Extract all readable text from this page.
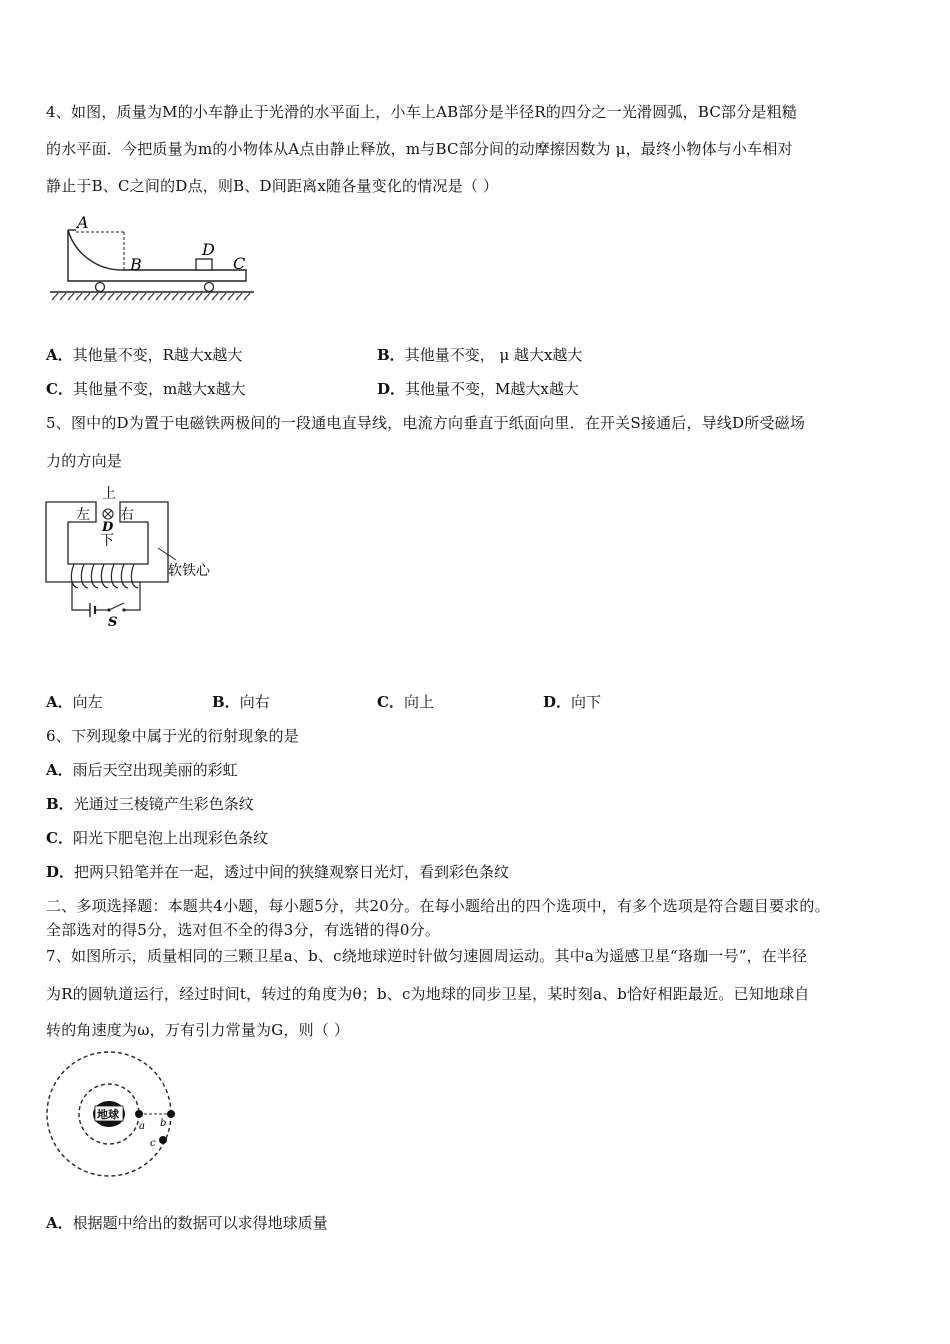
4、如图，质量为M的小车静止于光滑的水平面上，小车上AB部分是半径R的四分之一光滑圆弧，BC部分是粗糙
的水平面．今把质量为m的小物体从A点由静止释放，m与BC部分间的动摩擦因数为 μ，最终小物体与小车相对
静止于B、C之间的D点，则B、D间距离x随各量变化的情况是（ ）
A
B
D
C
A．其他量不变，R越大x越大	B．其他量不变， μ 越大x越大
C．其他量不变，m越大x越大	D．其他量不变，M越大x越大
5、图中的D为置于电磁铁两极间的一段通电直导线，电流方向垂直于纸面向里．在开关S接通后，导线D所受磁场
力的方向是
上
左 右
D
下
软铁心
S
A．向左	B．向右	C．向上	D．向下
6、下列现象中属于光的衍射现象的是
A．雨后天空出现美丽的彩虹
B．光通过三棱镜产生彩色条纹
C．阳光下肥皂泡上出现彩色条纹
D．把两只铅笔并在一起，透过中间的狭缝观察日光灯，看到彩色条纹
二、多项选择题：本题共4小题，每小题5分，共20分。在每小题给出的四个选项中，有多个选项是符合题目要求的。
全部选对的得5分，选对但不全的得3分，有选错的得0分。
7、如图所示，质量相同的三颗卫星a、b、c绕地球逆时针做匀速圆周运动。其中a为遥感卫星“珞珈一号”，在半径
为R的圆轨道运行，经过时间t，转过的角度为θ；b、c为地球的同步卫星，某时刻a、b恰好相距最近。已知地球自
转的角速度为ω，万有引力常量为G，则（ ）
地球
a b
c
A．根据题中给出的数据可以求得地球质量
